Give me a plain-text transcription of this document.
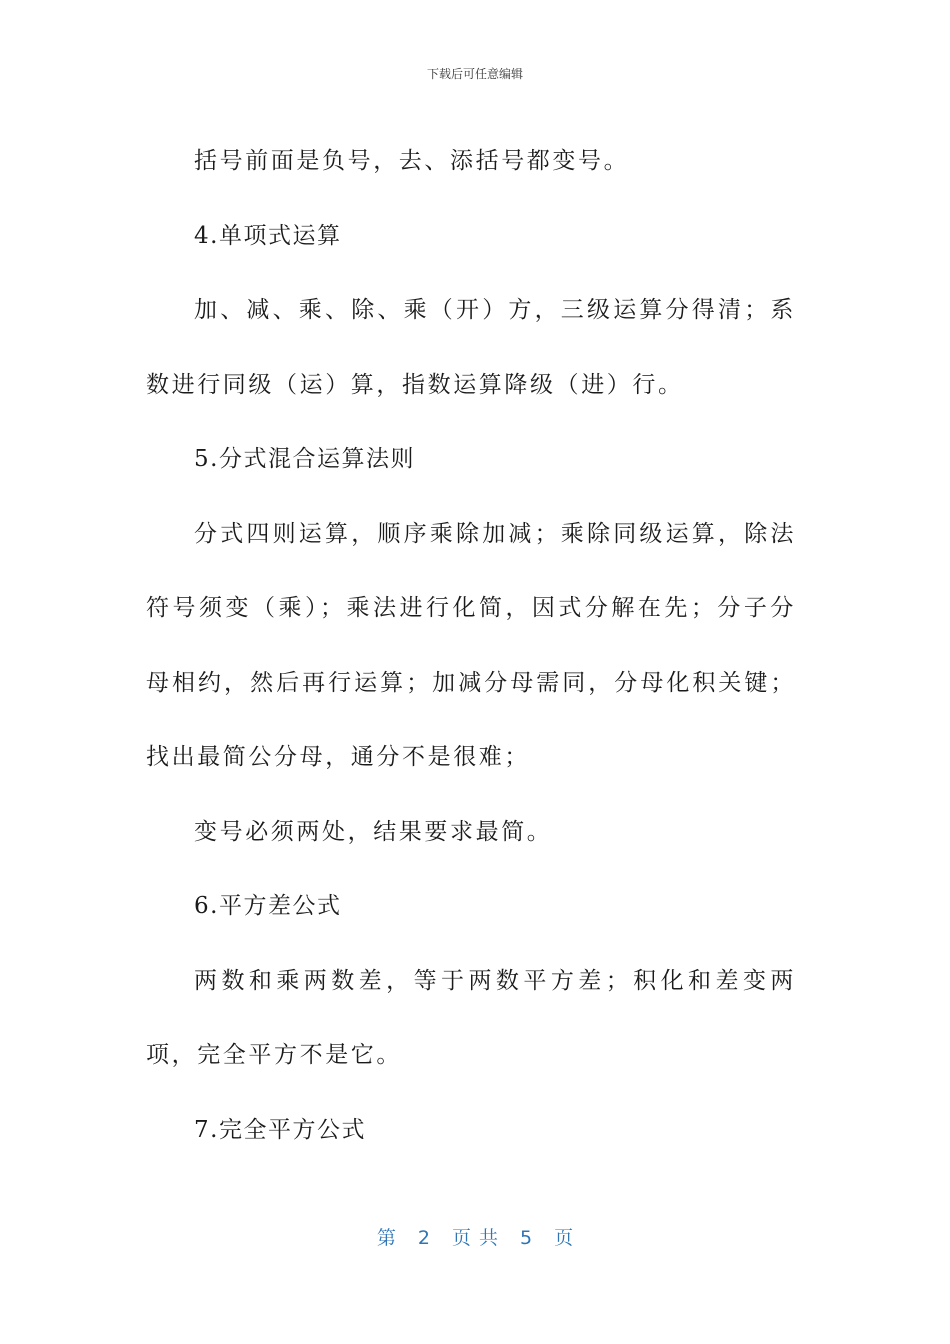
下载后可任意编辑

括号前面是负号，去、添括号都变号。

4.单项式运算

加、减、乘、除、乘（开）方，三级运算分得清；系数进行同级（运）算，指数运算降级（进）行。

5.分式混合运算法则

分式四则运算，顺序乘除加减；乘除同级运算，除法符号须变（乘）；乘法进行化简，因式分解在先；分子分母相约，然后再行运算；加减分母需同，分母化积关键；找出最简公分母，通分不是很难；

变号必须两处，结果要求最简。

6.平方差公式

两数和乘两数差，等于两数平方差；积化和差变两项，完全平方不是它。

7.完全平方公式

第 2 页共 5 页
